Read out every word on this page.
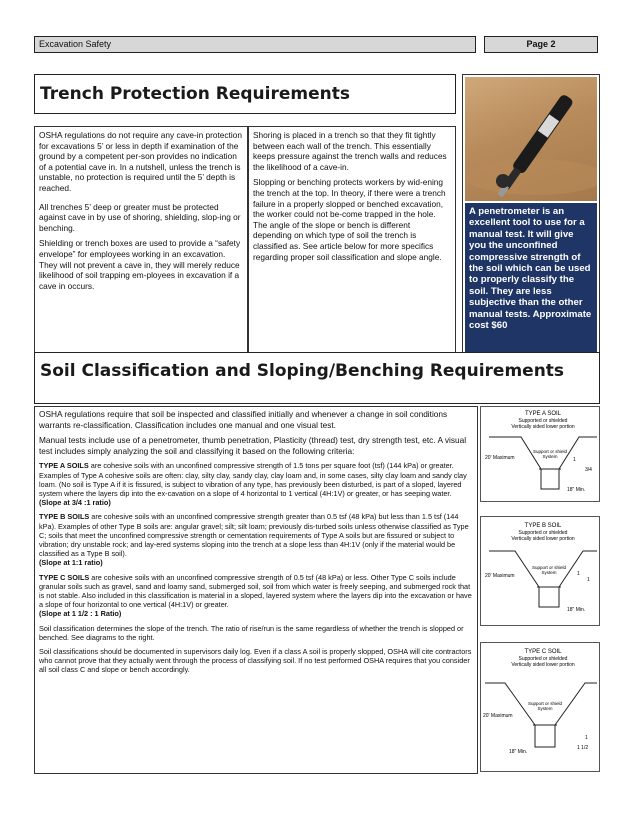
Excavation Safety	Page 2
Trench Protection Requirements

OSHA regulations do not require any cave-in protection for excavations 5’ or less in depth if examination of the ground by a competent per-son provides no indication of a potential cave in. In a nutshell, unless the trench is unstable, no protection is required until the 5’ depth is reached.

All trenches 5’ deep or greater must be protected against cave in by use of shoring, shielding, slop-ing or benching.

Shielding or trench boxes are used to provide a “safety envelope” for employees working in an excavation. They will not prevent a cave in, they will merely reduce likelihood of soil trapping em-ployees in excavation if a cave in occurs.

Shoring is placed in a trench so that they fit tightly between each wall of the trench. This essentially keeps pressure against the trench walls and reduces the likelihood of a cave-in.

Slopping or benching protects workers by wid-ening the trench at the top. In theory, if there were a trench failure in a properly slopped or benched excavation, the worker could not be-come trapped in the hole. The angle of the slope or bench is different depending on which type of soil the trench is classified as. See article below for more specifics regarding proper soil classification and slope angle.

A penetrometer is an excellent tool to use for a manual test. It will give you the unconfined compressive strength of the soil which can be used to properly classify the soil. They are less subjective than the other manual tests. Approximate cost $60
Soil Classification and Sloping/Benching Requirements

OSHA regulations require that soil be inspected and classified initially and whenever a change in soil conditions warrants re-classification. Classification includes one manual and one visual test.

Manual tests include use of a penetrometer, thumb penetration, Plasticity (thread) test, dry strength test, etc. A visual test includes simply analyzing the soil and classifying it based on the following criteria:

TYPE A SOILS are cohesive soils with an unconfined compressive strength of 1.5 tons per square foot (tsf) (144 kPa) or greater. Examples of Type A cohesive soils are often: clay, silty clay, sandy clay, clay loam and, in some cases, silty clay loam and sandy clay loam. (No soil is Type A if it is fissured, is subject to vibration of any type, has previously been disturbed, is part of a sloped, layered system where the layers dip into the ex-cavation on a slope of 4 horizontal to 1 vertical (4H:1V) or greater, or has seeping water.

(Slope at 3/4 :1 ratio)

TYPE B SOILS are cohesive soils with an unconfined compressive strength greater than 0.5 tsf (48 kPa) but less than 1.5 tsf (144 kPa). Examples of other Type B soils are: angular gravel; silt; silt loam; previously dis-turbed soils unless otherwise classified as Type C; soils that meet the unconfined compressive strength or cementation requirements of Type A soils but are fissured or subject to vibration; dry unstable rock; and lay-ered systems sloping into the trench at a slope less than 4H:1V (only if the material would be classified as a Type B soil).

(Slope at 1:1 ratio)

TYPE C SOILS are cohesive soils with an unconfined compressive strength of 0.5 tsf (48 kPa) or less. Other Type C soils include granular soils such as gravel, sand and loamy sand, submerged soil, soil from which water is freely seeping, and submerged rock that is not stable. Also included in this classification is material in a sloped, layered system where the layers dip into the excavation or have a slope of four horizontal to one vertical (4H:1V) or greater.

(Slope at 1 1/2 : 1 Ratio)

Soil classification determines the slope of the trench. The ratio of rise/run is the same regardless of whether the trench is slopped or benched. See diagrams to the right.

Soil classifications should be documented in supervisors daily log. Even if a class A soil is properly slopped, OSHA will cite contractors who cannot prove that they actually went through the process of classifying soil. If no test performed OSHA requires that you consider all soil class C and slope or bench accordingly.

TYPE A SOIL
Supported or shielded
Vertically sided lower portion
20' Maximum
Support or shield
System
3/4
1
18" Min.
TYPE B SOIL
Supported or shielded
Vertically sided lower portion
20' Maximum
Support or shield
System
1
1
18" Min.
TYPE C SOIL
Supported or shielded
Vertically sided lower portion
20' Maximum
Support or shield
System
1
1 1/2
18" Min.
